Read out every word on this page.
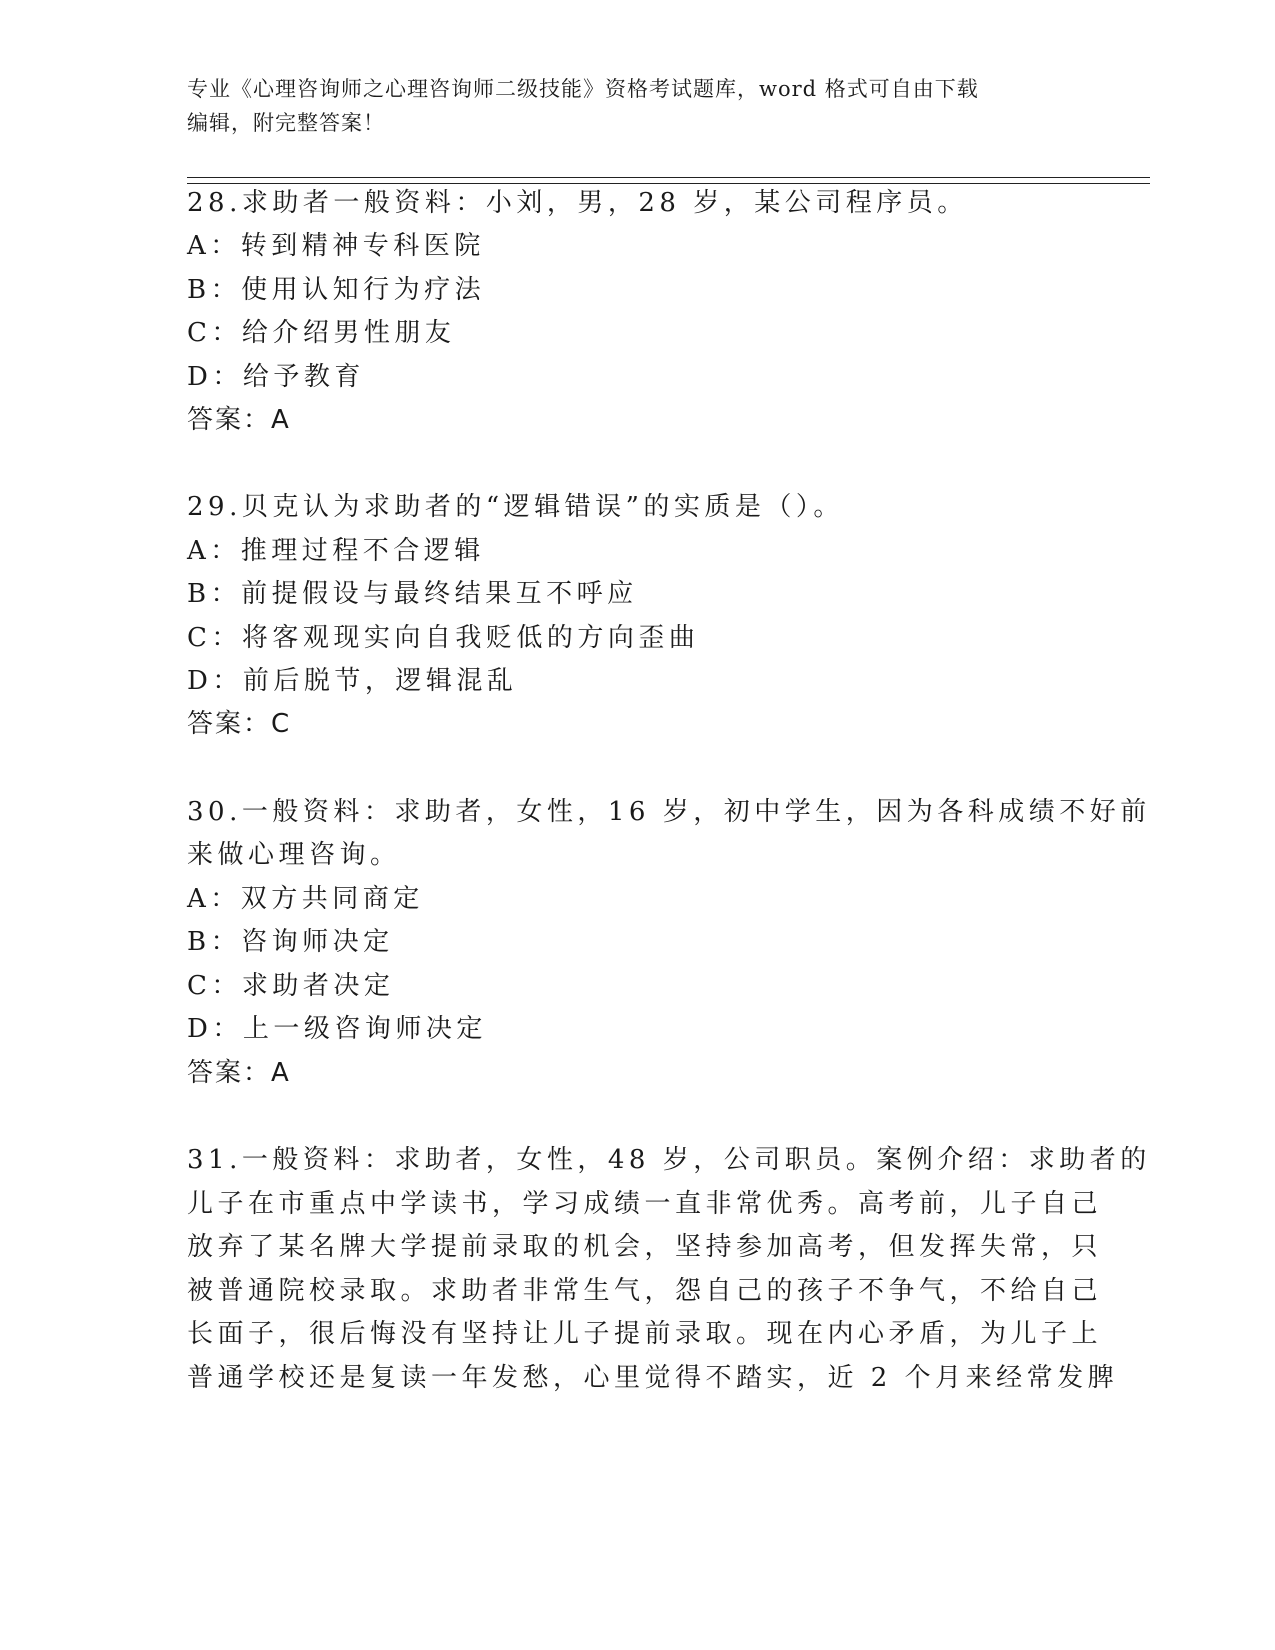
专业《心理咨询师之心理咨询师二级技能》资格考试题库，word 格式可自由下载
编辑，附完整答案！
28.求助者一般资料：小刘，男，28 岁，某公司程序员。
A：转到精神专科医院
B：使用认知行为疗法
C：给介绍男性朋友
D：给予教育
答案：A
29.贝克认为求助者的“逻辑错误”的实质是（）。
A：推理过程不合逻辑
B：前提假设与最终结果互不呼应
C：将客观现实向自我贬低的方向歪曲
D：前后脱节，逻辑混乱
答案：C
30.一般资料：求助者，女性，16 岁，初中学生，因为各科成绩不好前
来做心理咨询。
A：双方共同商定
B：咨询师决定
C：求助者决定
D：上一级咨询师决定
答案：A
31.一般资料：求助者，女性，48 岁，公司职员。案例介绍：求助者的
儿子在市重点中学读书，学习成绩一直非常优秀。高考前，儿子自己
放弃了某名牌大学提前录取的机会，坚持参加高考，但发挥失常，只
被普通院校录取。求助者非常生气，怨自己的孩子不争气，不给自己
长面子，很后悔没有坚持让儿子提前录取。现在内心矛盾，为儿子上
普通学校还是复读一年发愁，心里觉得不踏实，近 2 个月来经常发脾
